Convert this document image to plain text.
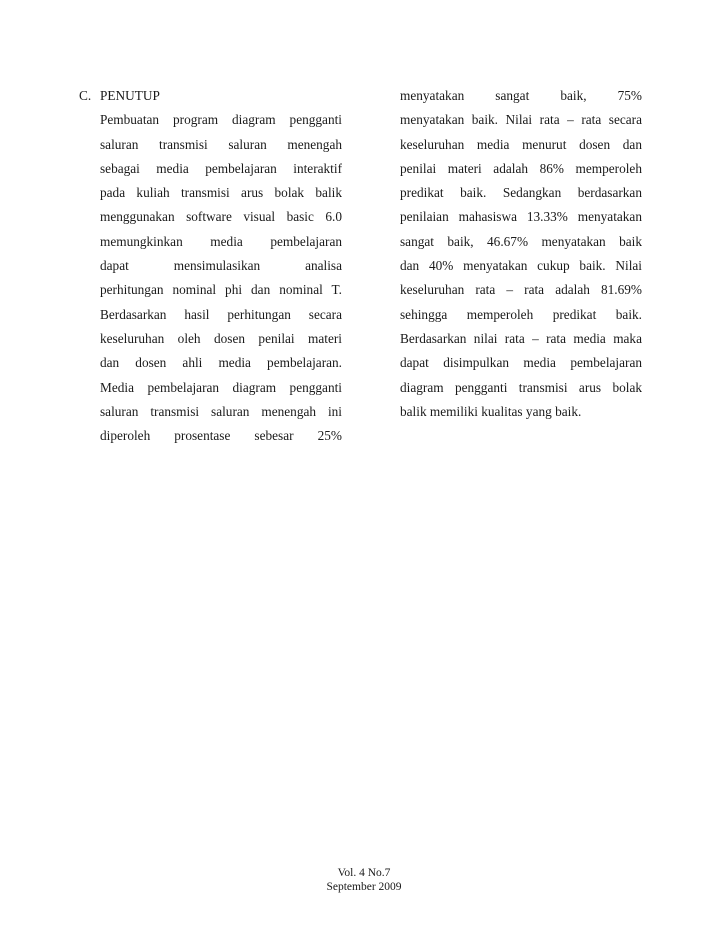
C. PENUTUP
Pembuatan program diagram pengganti
saluran transmisi saluran menengah
sebagai media pembelajaran interaktif
pada kuliah transmisi arus bolak balik
menggunakan software visual basic 6.0
memungkinkan media pembelajaran
dapat mensimulasikan analisa
perhitungan nominal phi dan nominal T.
Berdasarkan hasil perhitungan secara
keseluruhan oleh dosen penilai materi
dan dosen ahli media pembelajaran.
Media pembelajaran diagram pengganti
saluran transmisi saluran menengah ini
diperoleh prosentase sebesar 25%
menyatakan sangat baik, 75%
menyatakan baik. Nilai rata – rata secara
keseluruhan media menurut dosen dan
penilai materi adalah 86% memperoleh
predikat baik. Sedangkan berdasarkan
penilaian mahasiswa 13.33% menyatakan
sangat baik, 46.67% menyatakan baik
dan 40% menyatakan cukup baik. Nilai
keseluruhan rata – rata adalah 81.69%
sehingga memperoleh predikat baik.
Berdasarkan nilai rata – rata media maka
dapat disimpulkan media pembelajaran
diagram pengganti transmisi arus bolak
balik memiliki kualitas yang baik.
Vol. 4 No.7
September 2009
